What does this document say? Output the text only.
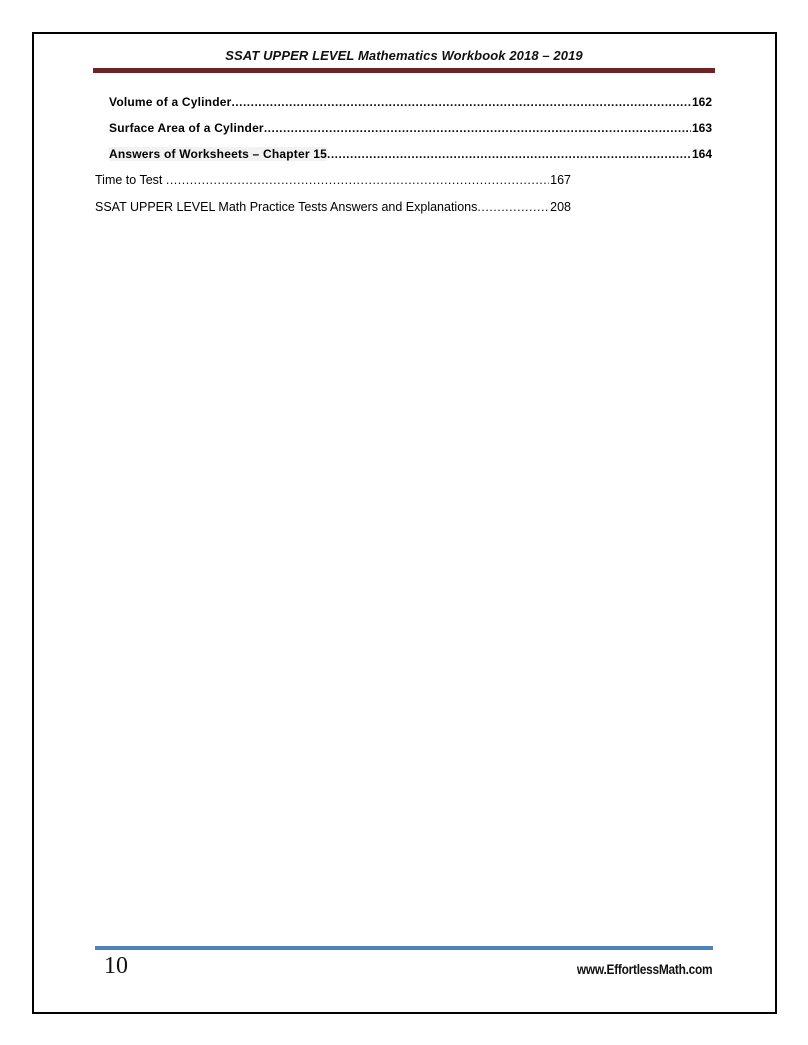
SSAT UPPER LEVEL Mathematics Workbook 2018 – 2019
Volume of a Cylinder .....	162
Surface Area of a Cylinder .....	163
Answers of Worksheets – Chapter 15 .....	164
Time to Test .....	167
SSAT UPPER LEVEL Math Practice Tests Answers and Explanations .....	208
10	www.EffortlessMath.com
